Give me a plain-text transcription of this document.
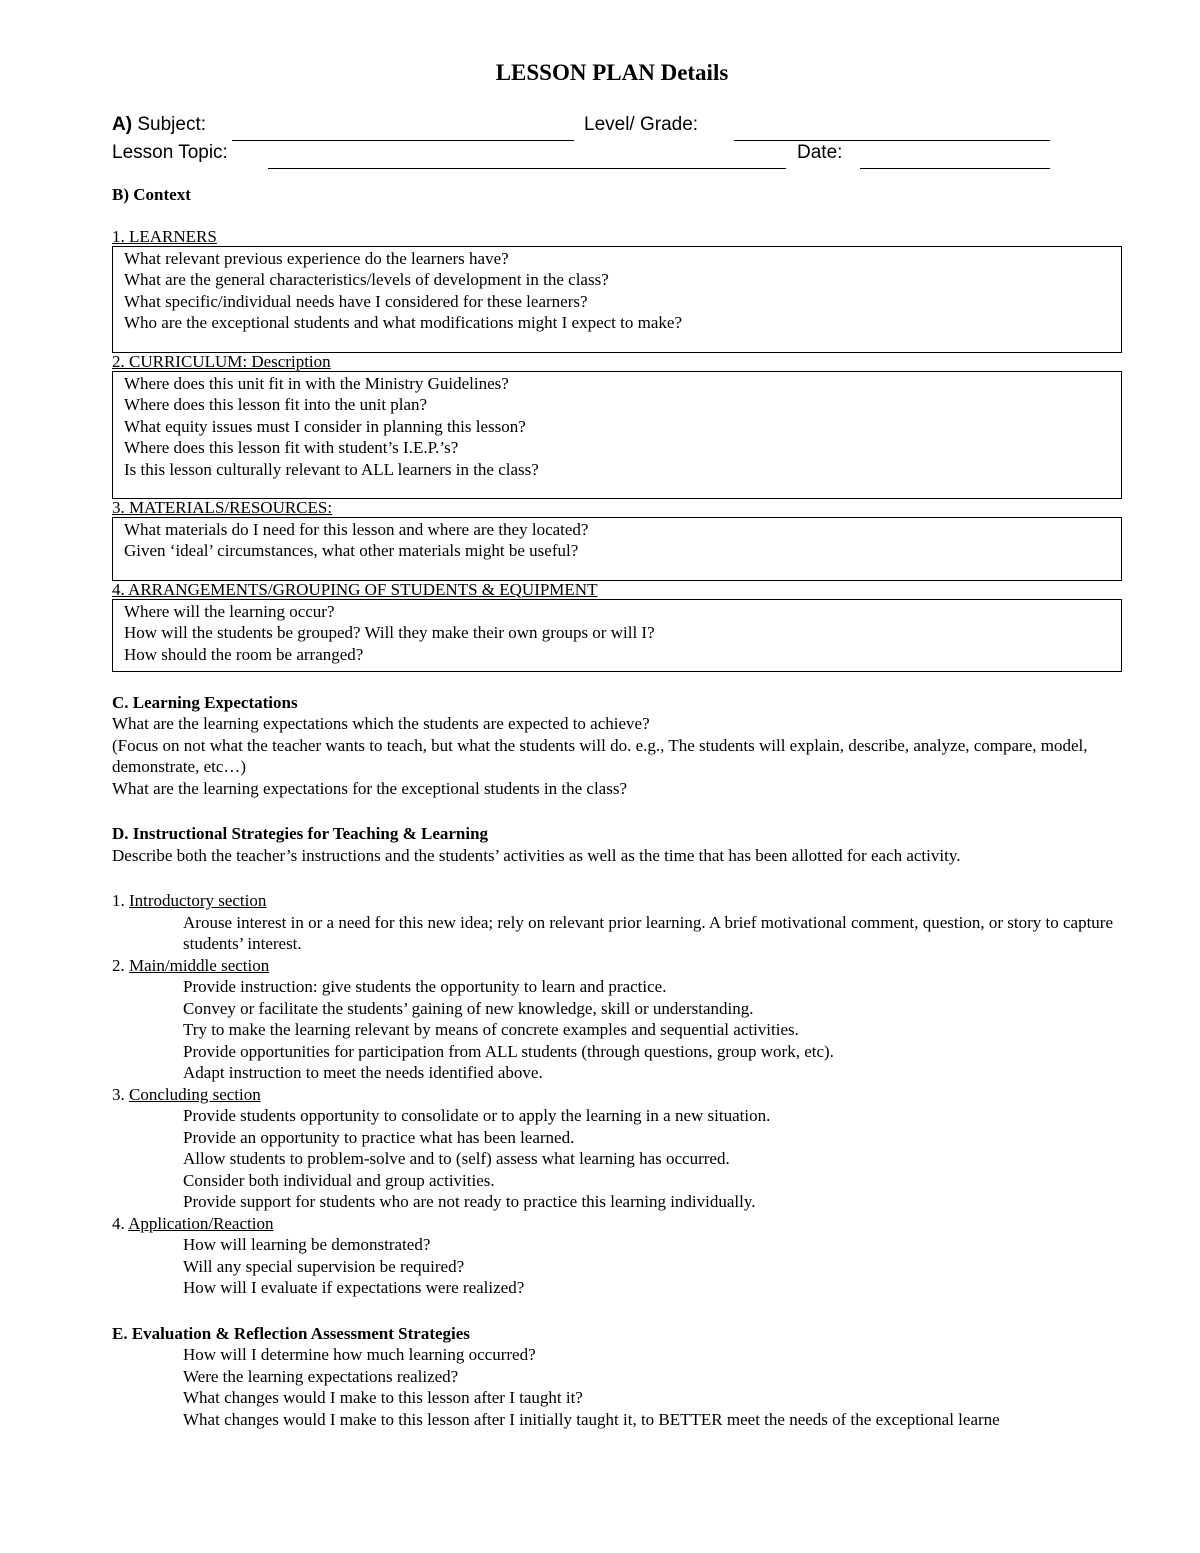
LESSON PLAN Details
A) Subject:	Level/ Grade:
Lesson Topic:	Date:
B) Context
1. LEARNERS

What relevant previous experience do the learners have?

What are the general characteristics/levels of development in the class?

What specific/individual needs have I considered for these learners?

Who are the exceptional students and what modifications might I expect to make?

2. CURRICULUM: Description

Where does this unit fit in with the Ministry Guidelines?

Where does this lesson fit into the unit plan?

What equity issues must I consider in planning this lesson?

Where does this lesson fit with student’s I.E.P.’s?

Is this lesson culturally relevant to ALL learners in the class?

3. MATERIALS/RESOURCES:

What materials do I need for this lesson and where are they located?

Given ‘ideal’ circumstances, what other materials might be useful?

4. ARRANGEMENTS/GROUPING OF STUDENTS & EQUIPMENT

Where will the learning occur?

How will the students be grouped? Will they make their own groups or will I?

How should the room be arranged?

C. Learning Expectations

What are the learning expectations which the students are expected to achieve?

(Focus on not what the teacher wants to teach, but what the students will do. e.g., The students will explain, describe, analyze, compare, model, demonstrate, etc…)

What are the learning expectations for the exceptional students in the class?

D. Instructional Strategies for Teaching & Learning

Describe both the teacher’s instructions and the students’ activities as well as the time that has been allotted for each activity.

1. Introductory section

Arouse interest in or a need for this new idea; rely on relevant prior learning. A brief motivational comment, question, or story to capture students’ interest.

2. Main/middle section

Provide instruction: give students the opportunity to learn and practice.

Convey or facilitate the students’ gaining of new knowledge, skill or understanding.

Try to make the learning relevant by means of concrete examples and sequential activities.

Provide opportunities for participation from ALL students (through questions, group work, etc).

Adapt instruction to meet the needs identified above.

3. Concluding section

Provide students opportunity to consolidate or to apply the learning in a new situation.

Provide an opportunity to practice what has been learned.

Allow students to problem-solve and to (self) assess what learning has occurred.

Consider both individual and group activities.

Provide support for students who are not ready to practice this learning individually.

4. Application/Reaction

How will learning be demonstrated?

Will any special supervision be required?

How will I evaluate if expectations were realized?

E. Evaluation & Reflection Assessment Strategies

How will I determine how much learning occurred?

Were the learning expectations realized?

What changes would I make to this lesson after I taught it?

What changes would I make to this lesson after I initially taught it, to BETTER meet the needs of the exceptional learne
